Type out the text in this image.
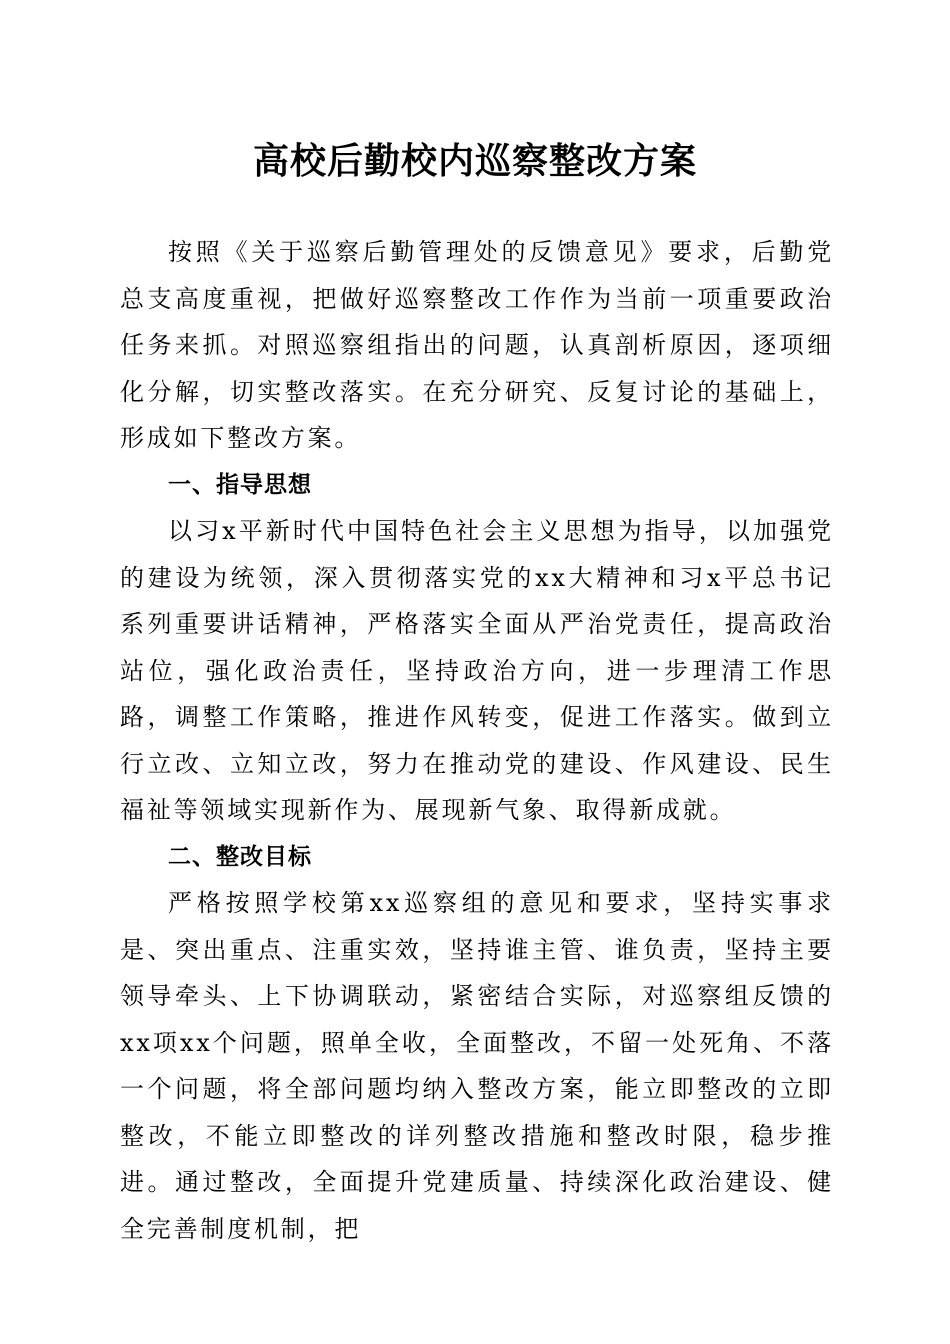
高校后勤校内巡察整改方案

按照《关于巡察后勤管理处的反馈意见》要求，后勤党总支高度重视，把做好巡察整改工作作为当前一项重要政治任务来抓。对照巡察组指出的问题，认真剖析原因，逐项细化分解，切实整改落实。在充分研究、反复讨论的基础上，形成如下整改方案。

一、指导思想

以习x平新时代中国特色社会主义思想为指导，以加强党的建设为统领，深入贯彻落实党的xx大精神和习x平总书记系列重要讲话精神，严格落实全面从严治党责任，提高政治站位，强化政治责任，坚持政治方向，进一步理清工作思路，调整工作策略，推进作风转变，促进工作落实。做到立行立改、立知立改，努力在推动党的建设、作风建设、民生福祉等领域实现新作为、展现新气象、取得新成就。

二、整改目标

严格按照学校第xx巡察组的意见和要求，坚持实事求是、突出重点、注重实效，坚持谁主管、谁负责，坚持主要领导牵头、上下协调联动，紧密结合实际，对巡察组反馈的xx项xx个问题，照单全收，全面整改，不留一处死角、不落一个问题，将全部问题均纳入整改方案，能立即整改的立即整改，不能立即整改的详列整改措施和整改时限，稳步推进。通过整改，全面提升党建质量、持续深化政治建设、健全完善制度机制，把
